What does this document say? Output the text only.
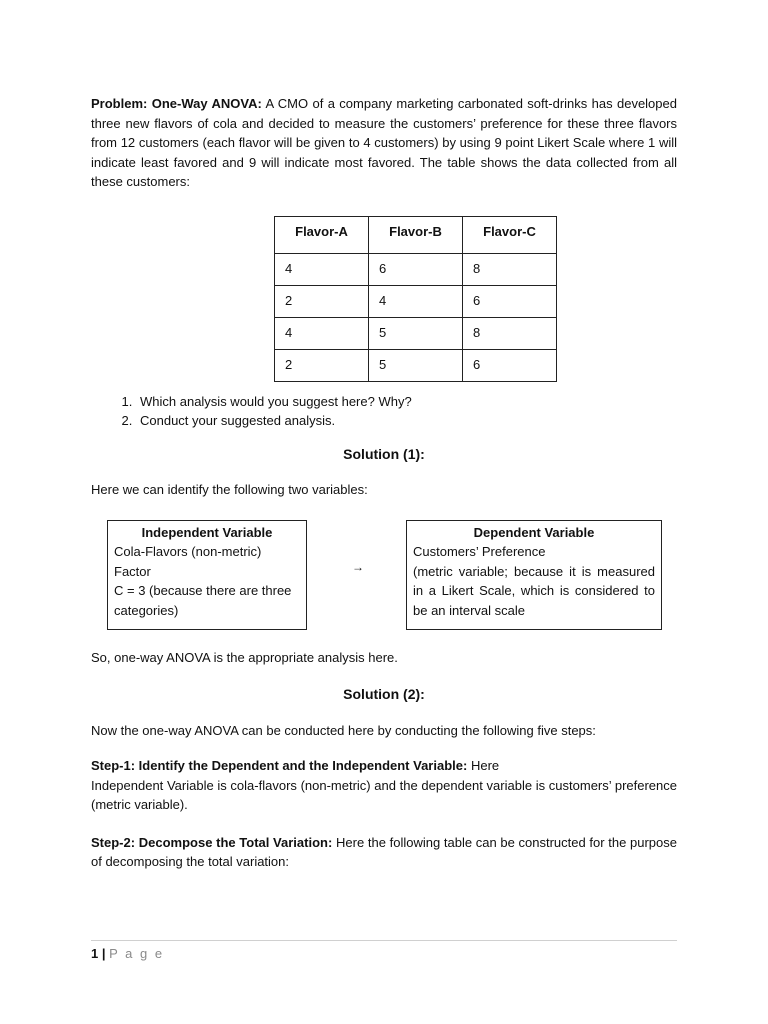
Problem: One-Way ANOVA: A CMO of a company marketing carbonated soft-drinks has developed three new flavors of cola and decided to measure the customers’ preference for these three flavors from 12 customers (each flavor will be given to 4 customers) by using 9 point Likert Scale where 1 will indicate least favored and 9 will indicate most favored. The table shows the data collected from all these customers:

Flavor-A	Flavor-B	Flavor-C
4	6	8
2	4	6
4	5	8
2	5	6
1. Which analysis would you suggest here? Why?
2. Conduct your suggested analysis.

Solution (1):

Here we can identify the following two variables:

Independent Variable
Cola-Flavors (non-metric)
Factor
C = 3 (because there are three categories)
→
Dependent Variable
Customers’ Preference
(metric variable; because it is measured in a Likert Scale, which is considered to be an interval scale

So, one-way ANOVA is the appropriate analysis here.

Solution (2):

Now the one-way ANOVA can be conducted here by conducting the following five steps:

Step-1: Identify the Dependent and the Independent Variable: Here
Independent Variable is cola-flavors (non-metric) and the dependent variable is customers’ preference (metric variable).

Step-2: Decompose the Total Variation: Here the following table can be constructed for the purpose of decomposing the total variation:

1 | P a g e
